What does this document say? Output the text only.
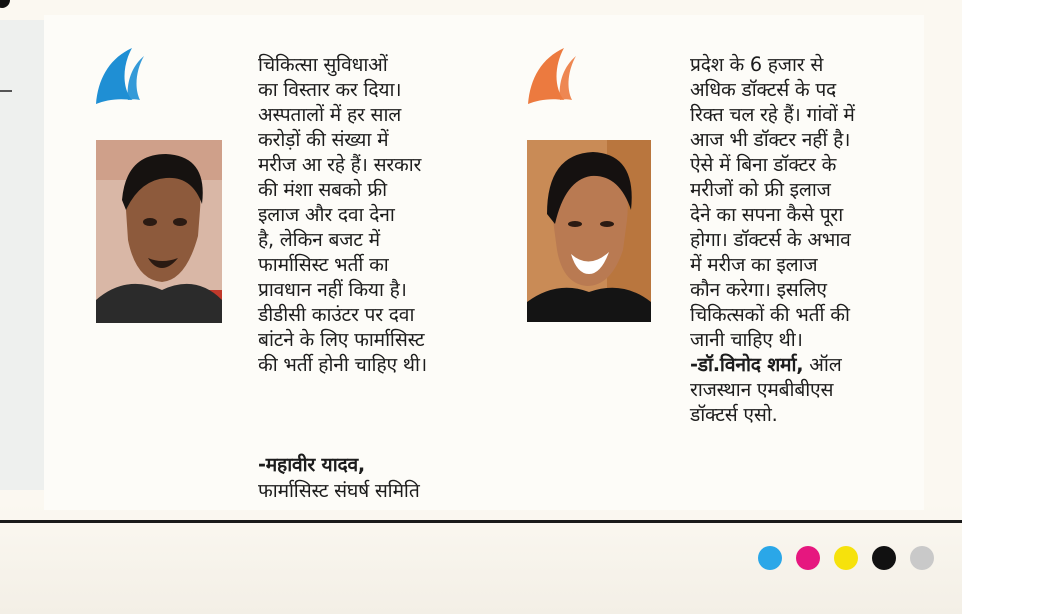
चिकित्सा सुविधाओं
का विस्तार कर दिया।
अस्पतालों में हर साल
करोड़ों की संख्या में
मरीज आ रहे हैं। सरकार
की मंशा सबको फ्री
इलाज और दवा देना
है, लेकिन बजट में
फार्मासिस्ट भर्ती का
प्रावधान नहीं किया है।
डीडीसी काउंटर पर दवा
बांटने के लिए फार्मासिस्ट
की भर्ती होनी चाहिए थी।
-महावीर यादव,
फार्मासिस्ट संघर्ष समिति
प्रदेश के 6 हजार से
अधिक डॉक्टर्स के पद
रिक्त चल रहे हैं। गांवों में
आज भी डॉक्टर नहीं है।
ऐसे में बिना डॉक्टर के
मरीजों को फ्री इलाज
देने का सपना कैसे पूरा
होगा। डॉक्टर्स के अभाव
में मरीज का इलाज
कौन करेगा। इसलिए
चिकित्सकों की भर्ती की
जानी चाहिए थी।
-डॉ.विनोद शर्मा, ऑल
राजस्थान एमबीबीएस
डॉक्टर्स एसो.
